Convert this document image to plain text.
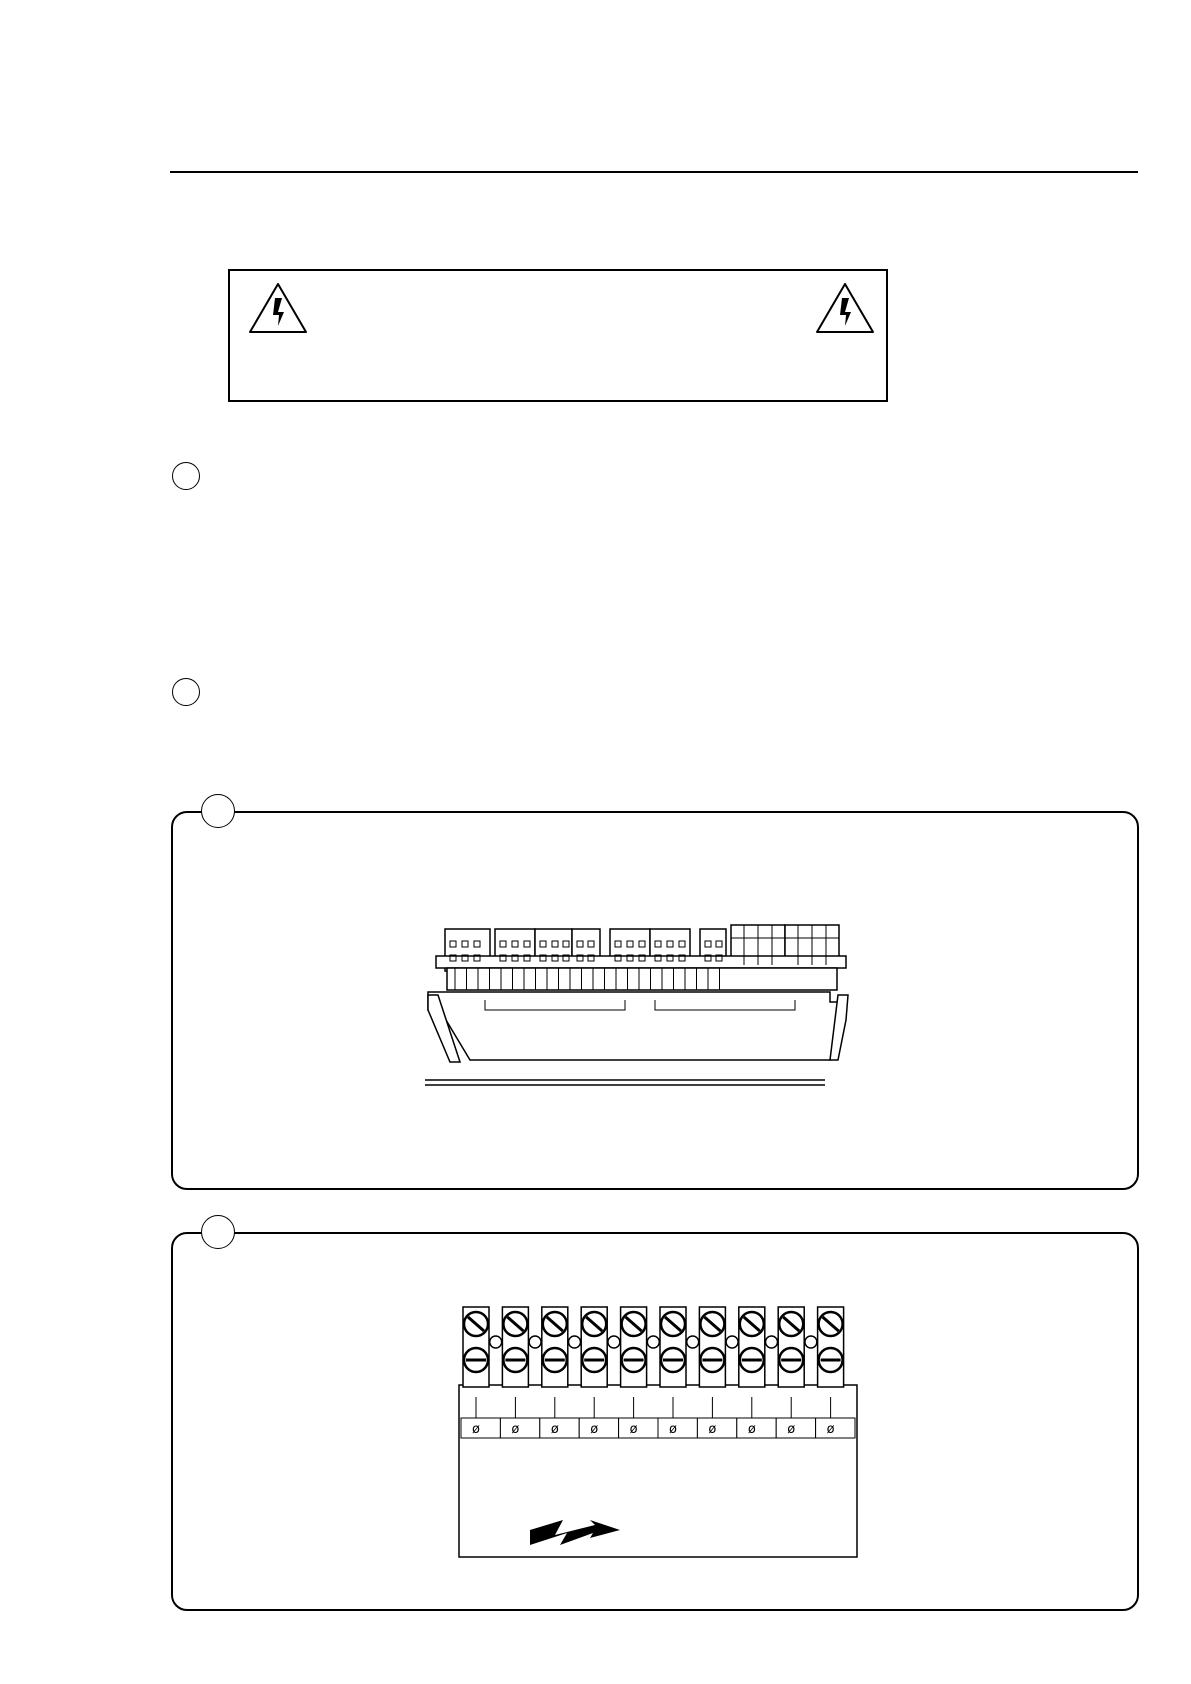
ø ø ø ø ø ø ø ø ø ø
